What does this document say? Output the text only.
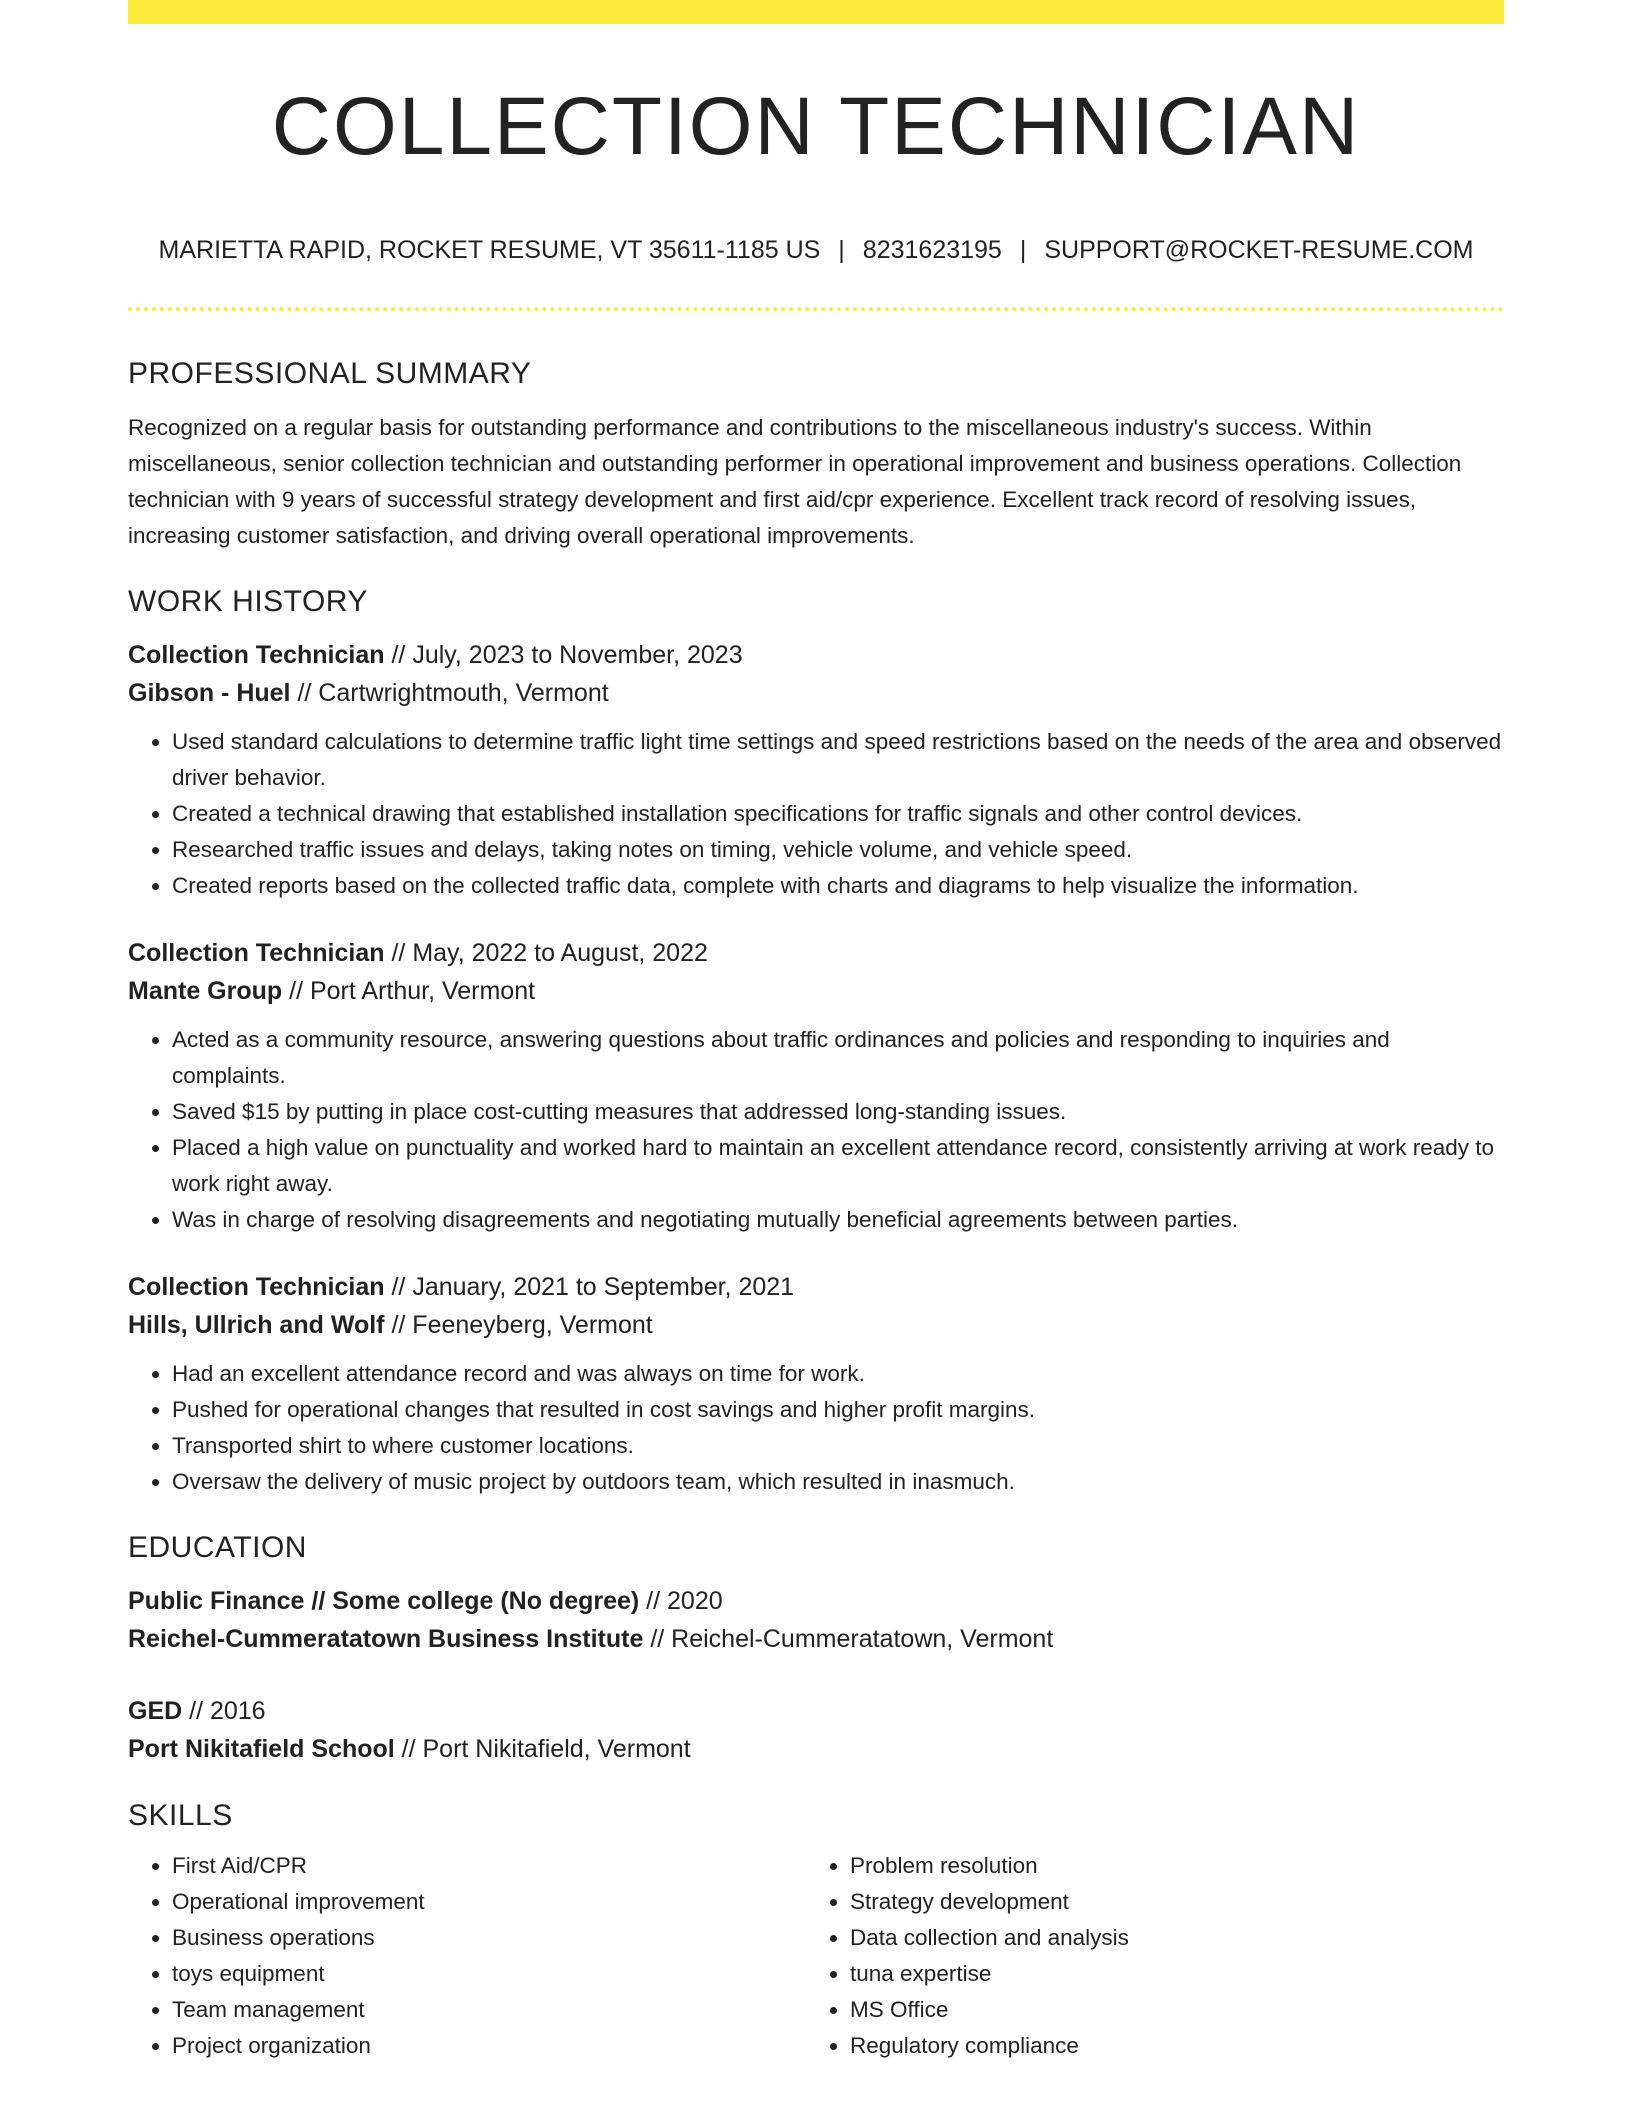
COLLECTION TECHNICIAN
MARIETTA RAPID, ROCKET RESUME, VT 35611-1185 US | 8231623195 | SUPPORT@ROCKET-RESUME.COM
PROFESSIONAL SUMMARY

Recognized on a regular basis for outstanding performance and contributions to the miscellaneous industry's success. Within miscellaneous, senior collection technician and outstanding performer in operational improvement and business operations. Collection technician with 9 years of successful strategy development and first aid/cpr experience. Excellent track record of resolving issues, increasing customer satisfaction, and driving overall operational improvements.

WORK HISTORY
Collection Technician // July, 2023 to November, 2023
Gibson - Huel // Cartwrightmouth, Vermont
• Used standard calculations to determine traffic light time settings and speed restrictions based on the needs of the area and observed driver behavior.
• Created a technical drawing that established installation specifications for traffic signals and other control devices.
• Researched traffic issues and delays, taking notes on timing, vehicle volume, and vehicle speed.
• Created reports based on the collected traffic data, complete with charts and diagrams to help visualize the information.
Collection Technician // May, 2022 to August, 2022
Mante Group // Port Arthur, Vermont
• Acted as a community resource, answering questions about traffic ordinances and policies and responding to inquiries and complaints.
• Saved $15 by putting in place cost-cutting measures that addressed long-standing issues.
• Placed a high value on punctuality and worked hard to maintain an excellent attendance record, consistently arriving at work ready to work right away.
• Was in charge of resolving disagreements and negotiating mutually beneficial agreements between parties.
Collection Technician // January, 2021 to September, 2021
Hills, Ullrich and Wolf // Feeneyberg, Vermont
• Had an excellent attendance record and was always on time for work.
• Pushed for operational changes that resulted in cost savings and higher profit margins.
• Transported shirt to where customer locations.
• Oversaw the delivery of music project by outdoors team, which resulted in inasmuch.
EDUCATION
Public Finance // Some college (No degree) // 2020
Reichel-Cummeratatown Business Institute // Reichel-Cummeratatown, Vermont
GED // 2016
Port Nikitafield School // Port Nikitafield, Vermont
SKILLS
• First Aid/CPR
• Operational improvement
• Business operations
• toys equipment
• Team management
• Project organization
• Problem resolution
• Strategy development
• Data collection and analysis
• tuna expertise
• MS Office
• Regulatory compliance
